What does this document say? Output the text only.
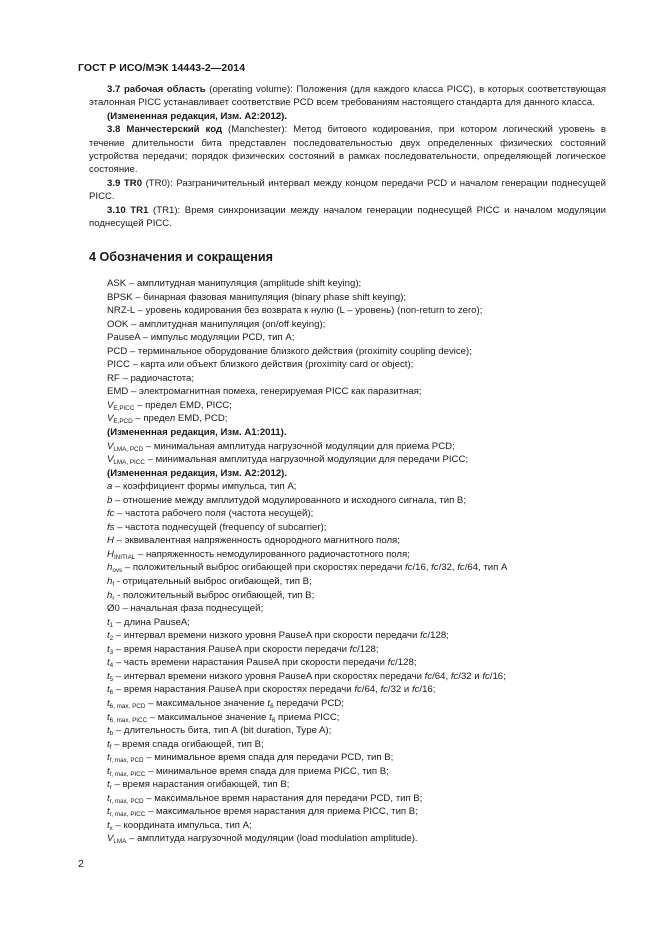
ГОСТ Р ИСО/МЭК 14443-2—2014

3.7 рабочая область (operating volume): Положения (для каждого класса PICC), в которых соответствующая эталонная PICC устанавливает соответствие PCD всем требованиям настоящего стандарта для данного класса.

(Измененная редакция, Изм. А2:2012).

3.8 Манчестерский код (Manchester): Метод битового кодирования, при котором логический уровень в течение длительности бита представлен последовательностью двух определенных физических состояний устройства передачи; порядок физических состояний в рамках последовательности, определяющей логическое состояние.

3.9 TR0 (TR0): Разграничительный интервал между концом передачи PCD и началом генерации поднесущей PICC.

3.10 TR1 (TR1): Время синхронизации между началом генерации поднесущей PICC и началом модуляции поднесущей PICC.

4 Обозначения и сокращения
ASK – амплитудная манипуляция (amplitude shift keying);
BPSK – бинарная фазовая манипуляция (binary phase shift keying);
NRZ-L – уровень кодирования без возврата к нулю (L – уровень) (non-return to zero);
OOK – амплитудная манипуляция (on/off keying);
PauseA – импульс модуляции PCD, тип А;
PCD – терминальное оборудование близкого действия (proximity coupling device);
PICC – карта или объект близкого действия (proximity card or object);
RF – радиочастота;
EMD – электромагнитная помеха, генерируемая PICC как паразитная;
$V_{E,PICC}$ – предел EMD, PICC;
$V_{E,PCD}$ – предел EMD, PCD;
(Измененная редакция, Изм. А1:2011).
$V_{LMA, PCD}$ – минимальная амплитуда нагрузочной модуляции для приема PCD;
$V_{LMA, PICC}$ – минимальная амплитуда нагрузочной модуляции для передачи PICC;
(Измененная редакция, Изм. А2:2012).
a – коэффициент формы импульса, тип А;
b – отношение между амплитудой модулированного и исходного сигнала, тип В;
fc – частота рабочего поля (частота несущей);
fs – частота поднесущей (frequency of subcarrier);
H – эквивалентная напряженность однородного магнитного поля;
$H_{INITIAL}$ – напряженность немодулированного радиочастотного поля;
$h_{ovs}$ – положительный выброс огибающей при скоростях передачи fc/16, fc/32, fc/64, тип А
$h_f$ - отрицательный выброс огибающей, тип В;
$h_r$ - положительный выброс огибающей, тип В;
Ø0 – начальная фаза поднесущей;
$t_1$ – длина PauseA;
$t_2$ – интервал времени низкого уровня PauseA при скорости передачи fc/128;
$t_3$ – время нарастания PauseA при скорости передачи fc/128;
$t_4$ – часть времени нарастания PauseA при скорости передачи fc/128;
$t_5$ – интервал времени низкого уровня PauseA при скоростях передачи fc/64, fc/32 и fc/16;
$t_6$ – время нарастания PauseA при скоростях передачи fc/64, fc/32 и fc/16;
$t_{6, max, PCD}$ – максимальное значение $t_6$ передачи PCD;
$t_{6, max, PICC}$ – максимальное значение $t_6$ приема PICC;
$t_b$ – длительность бита, тип А (bit duration, Type A);
$t_f$ – время спада огибающей, тип В;
$t_{f, max, PCD}$ – минимальное время спада для передачи PCD, тип В;
$t_{f, max, PICC}$ – минимальное время спада для приема PICC, тип В;
$t_r$ – время нарастания огибающей, тип В;
$t_{r, max, PCD}$ – максимальное время нарастания для передачи PCD, тип В;
$t_{r, max, PICC}$ – максимальное время нарастания для приема PICC, тип В;
$t_x$ – координата импульса, тип А;
$V_{LMA}$ – амплитуда нагрузочной модуляции (load modulation amplitude).
2
